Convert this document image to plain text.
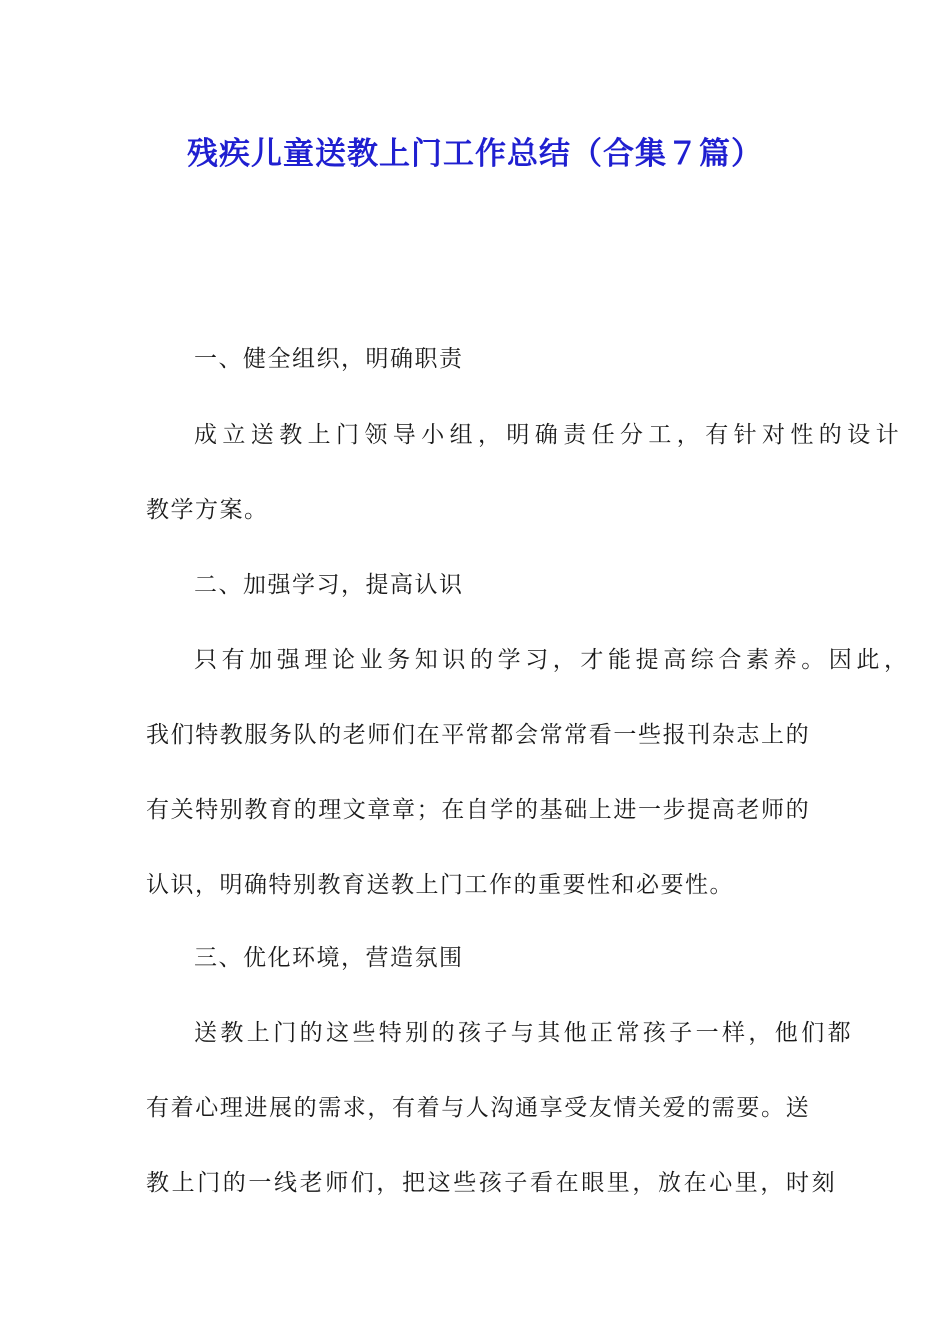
残疾儿童送教上门工作总结（合集７篇）
一、健全组织，明确职责
成立送教上门领导小组，明确责任分工，有针对性的设计
教学方案。
二、加强学习，提高认识
只有加强理论业务知识的学习，才能提高综合素养。因此，
我们特教服务队的老师们在平常都会常常看一些报刊杂志上的
有关特别教育的理文章章；在自学的基础上进一步提高老师的
认识，明确特别教育送教上门工作的重要性和必要性。
三、优化环境，营造氛围
送教上门的这些特别的孩子与其他正常孩子一样，他们都
有着心理进展的需求，有着与人沟通享受友情关爱的需要。送
教上门的一线老师们，把这些孩子看在眼里，放在心里，时刻
